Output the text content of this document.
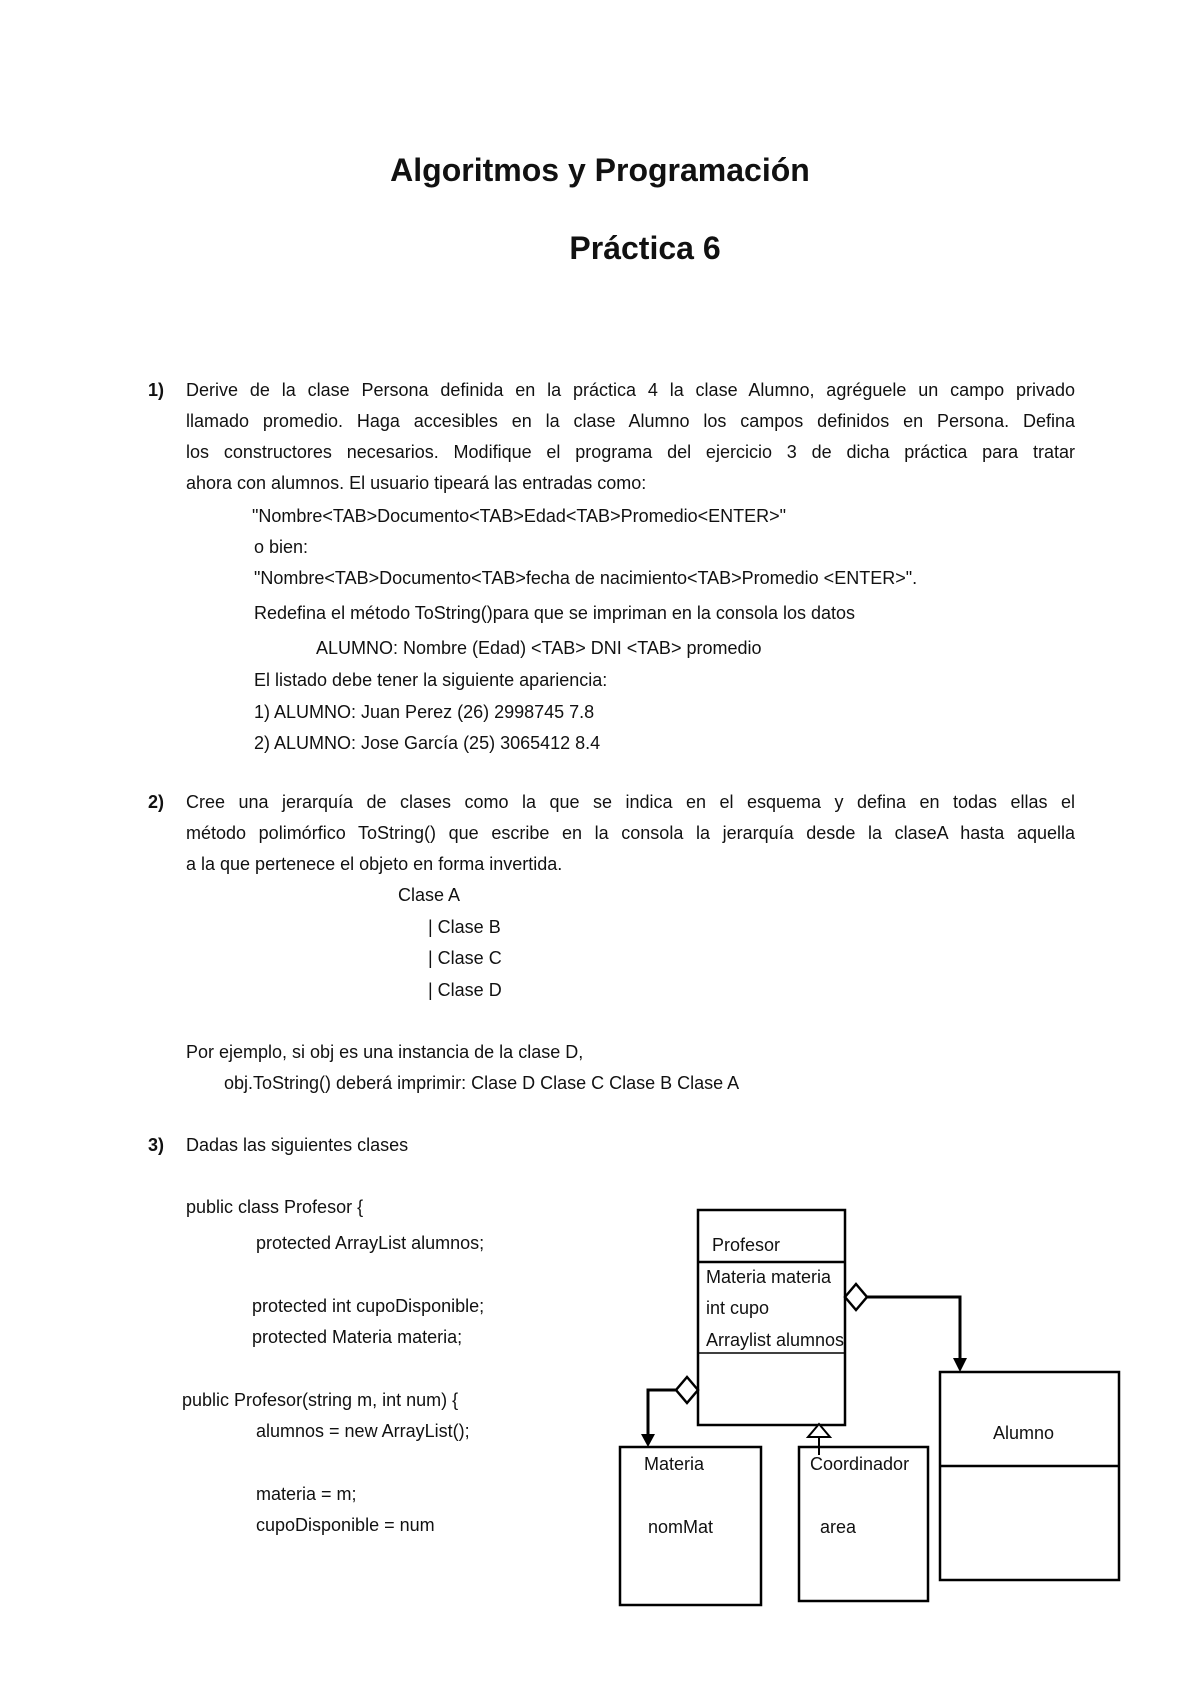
Algoritmos y Programación
Práctica 6
1) Derive de la clase Persona definida en la práctica 4 la clase Alumno, agréguele un campo privado

llamado promedio. Haga accesibles en la clase Alumno los campos definidos en Persona. Defina

los constructores necesarios. Modifique el programa del ejercicio 3 de dicha práctica para tratar

ahora con alumnos. El usuario tipeará las entradas como:

"Nombre<TAB>Documento<TAB>Edad<TAB>Promedio<ENTER>"
o bien:
"Nombre<TAB>Documento<TAB>fecha de nacimiento<TAB>Promedio <ENTER>".
Redefina el método ToString()para que se impriman en la consola los datos
ALUMNO: Nombre (Edad) <TAB> DNI <TAB> promedio
El listado debe tener la siguiente apariencia:
1) ALUMNO: Juan Perez (26) 2998745 7.8
2) ALUMNO: Jose García (25) 3065412 8.4
2) Cree una jerarquía de clases como la que se indica en el esquema y defina en todas ellas el

método polimórfico ToString() que escribe en la consola la jerarquía desde la claseA hasta aquella

a la que pertenece el objeto en forma invertida.

Clase A
| Clase B
| Clase C
| Clase D
Por ejemplo, si obj es una instancia de la clase D,
obj.ToString() deberá imprimir: Clase D Clase C Clase B Clase A
3) Dadas las siguientes clases
public class Profesor {
protected ArrayList alumnos;
protected int cupoDisponible;
protected Materia materia;
public Profesor(string m, int num) {
alumnos = new ArrayList();
materia = m;
cupoDisponible = num
Profesor
Materia materia
int cupo
Arraylist alumnos
Materia
nomMat
Coordinador
area
Alumno
